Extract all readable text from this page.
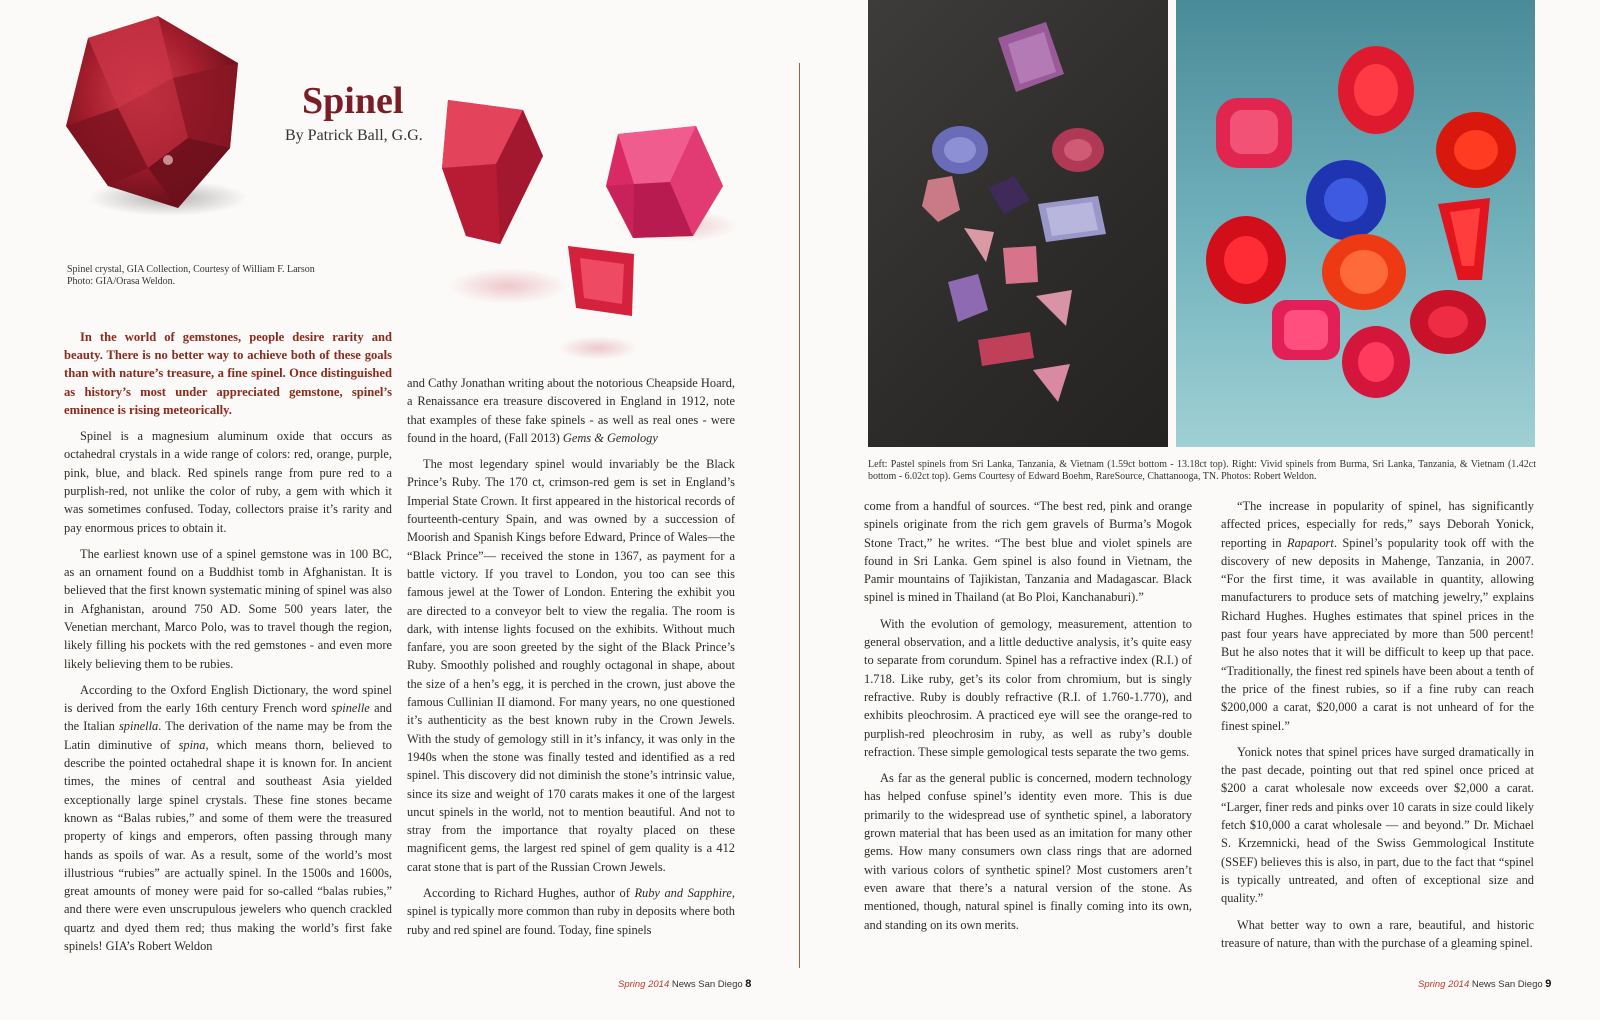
Spinel

By Patrick Ball, G.G.

Spinel crystal, GIA Collection, Courtesy of William F. Larson
Photo: GIA/Orasa Weldon.

In the world of gemstones, people desire rarity and beauty. There is no better way to achieve both of these goals than with nature’s treasure, a fine spinel. Once distinguished as history’s most under appreciated gemstone, spinel’s eminence is rising meteorically.

Spinel is a magnesium aluminum oxide that occurs as octahedral crystals in a wide range of colors: red, orange, purple, pink, blue, and black. Red spinels range from pure red to a purplish-red, not unlike the color of ruby, a gem with which it was sometimes confused. Today, collectors praise it’s rarity and pay enormous prices to obtain it.

The earliest known use of a spinel gemstone was in 100 BC, as an ornament found on a Buddhist tomb in Afghanistan. It is believed that the first known systematic mining of spinel was also in Afghanistan, around 750 AD. Some 500 years later, the Venetian merchant, Marco Polo, was to travel though the region, likely filling his pockets with the red gemstones - and even more likely believing them to be rubies.

According to the Oxford English Dictionary, the word spinel is derived from the early 16th century French word spinelle and the Italian spinella. The derivation of the name may be from the Latin diminutive of spina, which means thorn, believed to describe the pointed octahedral shape it is known for. In ancient times, the mines of central and southeast Asia yielded exceptionally large spinel crystals. These fine stones became known as “Balas rubies,” and some of them were the treasured property of kings and emperors, often passing through many hands as spoils of war. As a result, some of the world’s most illustrious “rubies” are actually spinel. In the 1500s and 1600s, great amounts of money were paid for so-called “balas rubies,” and there were even unscrupulous jewelers who quench crackled quartz and dyed them red; thus making the world’s first fake spinels! GIA’s Robert Weldon

and Cathy Jonathan writing about the notorious Cheapside Hoard, a Renaissance era treasure discovered in England in 1912, note that examples of these fake spinels - as well as real ones - were found in the hoard, (Fall 2013) Gems & Gemology

The most legendary spinel would invariably be the Black Prince’s Ruby. The 170 ct, crimson-red gem is set in England’s Imperial State Crown. It first appeared in the historical records of fourteenth-century Spain, and was owned by a succession of Moorish and Spanish Kings before Edward, Prince of Wales—the “Black Prince”— received the stone in 1367, as payment for a battle victory. If you travel to London, you too can see this famous jewel at the Tower of London. Entering the exhibit you are directed to a conveyor belt to view the regalia. The room is dark, with intense lights focused on the exhibits. Without much fanfare, you are soon greeted by the sight of the Black Prince’s Ruby. Smoothly polished and roughly octagonal in shape, about the size of a hen’s egg, it is perched in the crown, just above the famous Cullinian II diamond. For many years, no one questioned it’s authenticity as the best known ruby in the Crown Jewels. With the study of gemology still in it’s infancy, it was only in the 1940s when the stone was finally tested and identified as a red spinel. This discovery did not diminish the stone’s intrinsic value, since its size and weight of 170 carats makes it one of the largest uncut spinels in the world, not to mention beautiful. And not to stray from the importance that royalty placed on these magnificent gems, the largest red spinel of gem quality is a 412 carat stone that is part of the Russian Crown Jewels.

According to Richard Hughes, author of Ruby and Sapphire, spinel is typically more common than ruby in deposits where both ruby and red spinel are found. Today, fine spinels

Spring 2014 News San Diego 8

Left: Pastel spinels from Sri Lanka, Tanzania, & Vietnam (1.59ct bottom - 13.18ct top). Right: Vivid spinels from Burma, Sri Lanka, Tanzania, & Vietnam (1.42ct bottom - 6.02ct top). Gems Courtesy of Edward Boehm, RareSource, Chattanooga, TN. Photos: Robert Weldon.

come from a handful of sources. “The best red, pink and orange spinels originate from the rich gem gravels of Burma’s Mogok Stone Tract,” he writes. “The best blue and violet spinels are found in Sri Lanka. Gem spinel is also found in Vietnam, the Pamir mountains of Tajikistan, Tanzania and Madagascar. Black spinel is mined in Thailand (at Bo Ploi, Kanchanaburi).”

With the evolution of gemology, measurement, attention to general observation, and a little deductive analysis, it’s quite easy to separate from corundum. Spinel has a refractive index (R.I.) of 1.718. Like ruby, get’s its color from chromium, but is singly refractive. Ruby is doubly refractive (R.I. of 1.760-1.770), and exhibits pleochrosim. A practiced eye will see the orange-red to purplish-red pleochrosim in ruby, as well as ruby’s double refraction. These simple gemological tests separate the two gems.

As far as the general public is concerned, modern technology has helped confuse spinel’s identity even more. This is due primarily to the widespread use of synthetic spinel, a laboratory grown material that has been used as an imitation for many other gems. How many consumers own class rings that are adorned with various colors of synthetic spinel? Most customers aren’t even aware that there’s a natural version of the stone. As mentioned, though, natural spinel is finally coming into its own, and standing on its own merits.

“The increase in popularity of spinel, has significantly affected prices, especially for reds,” says Deborah Yonick, reporting in Rapaport. Spinel’s popularity took off with the discovery of new deposits in Mahenge, Tanzania, in 2007. “For the first time, it was available in quantity, allowing manufacturers to produce sets of matching jewelry,” explains Richard Hughes. Hughes estimates that spinel prices in the past four years have appreciated by more than 500 percent! But he also notes that it will be difficult to keep up that pace. “Traditionally, the finest red spinels have been about a tenth of the price of the finest rubies, so if a fine ruby can reach $200,000 a carat, $20,000 a carat is not unheard of for the finest spinel.”

Yonick notes that spinel prices have surged dramatically in the past decade, pointing out that red spinel once priced at $200 a carat wholesale now exceeds over $2,000 a carat. “Larger, finer reds and pinks over 10 carats in size could likely fetch $10,000 a carat wholesale — and beyond.” Dr. Michael S. Krzemnicki, head of the Swiss Gemmological Institute (SSEF) believes this is also, in part, due to the fact that “spinel is typically untreated, and often of exceptional size and quality.”

What better way to own a rare, beautiful, and historic treasure of nature, than with the purchase of a gleaming spinel.

Spring 2014 News San Diego 9
